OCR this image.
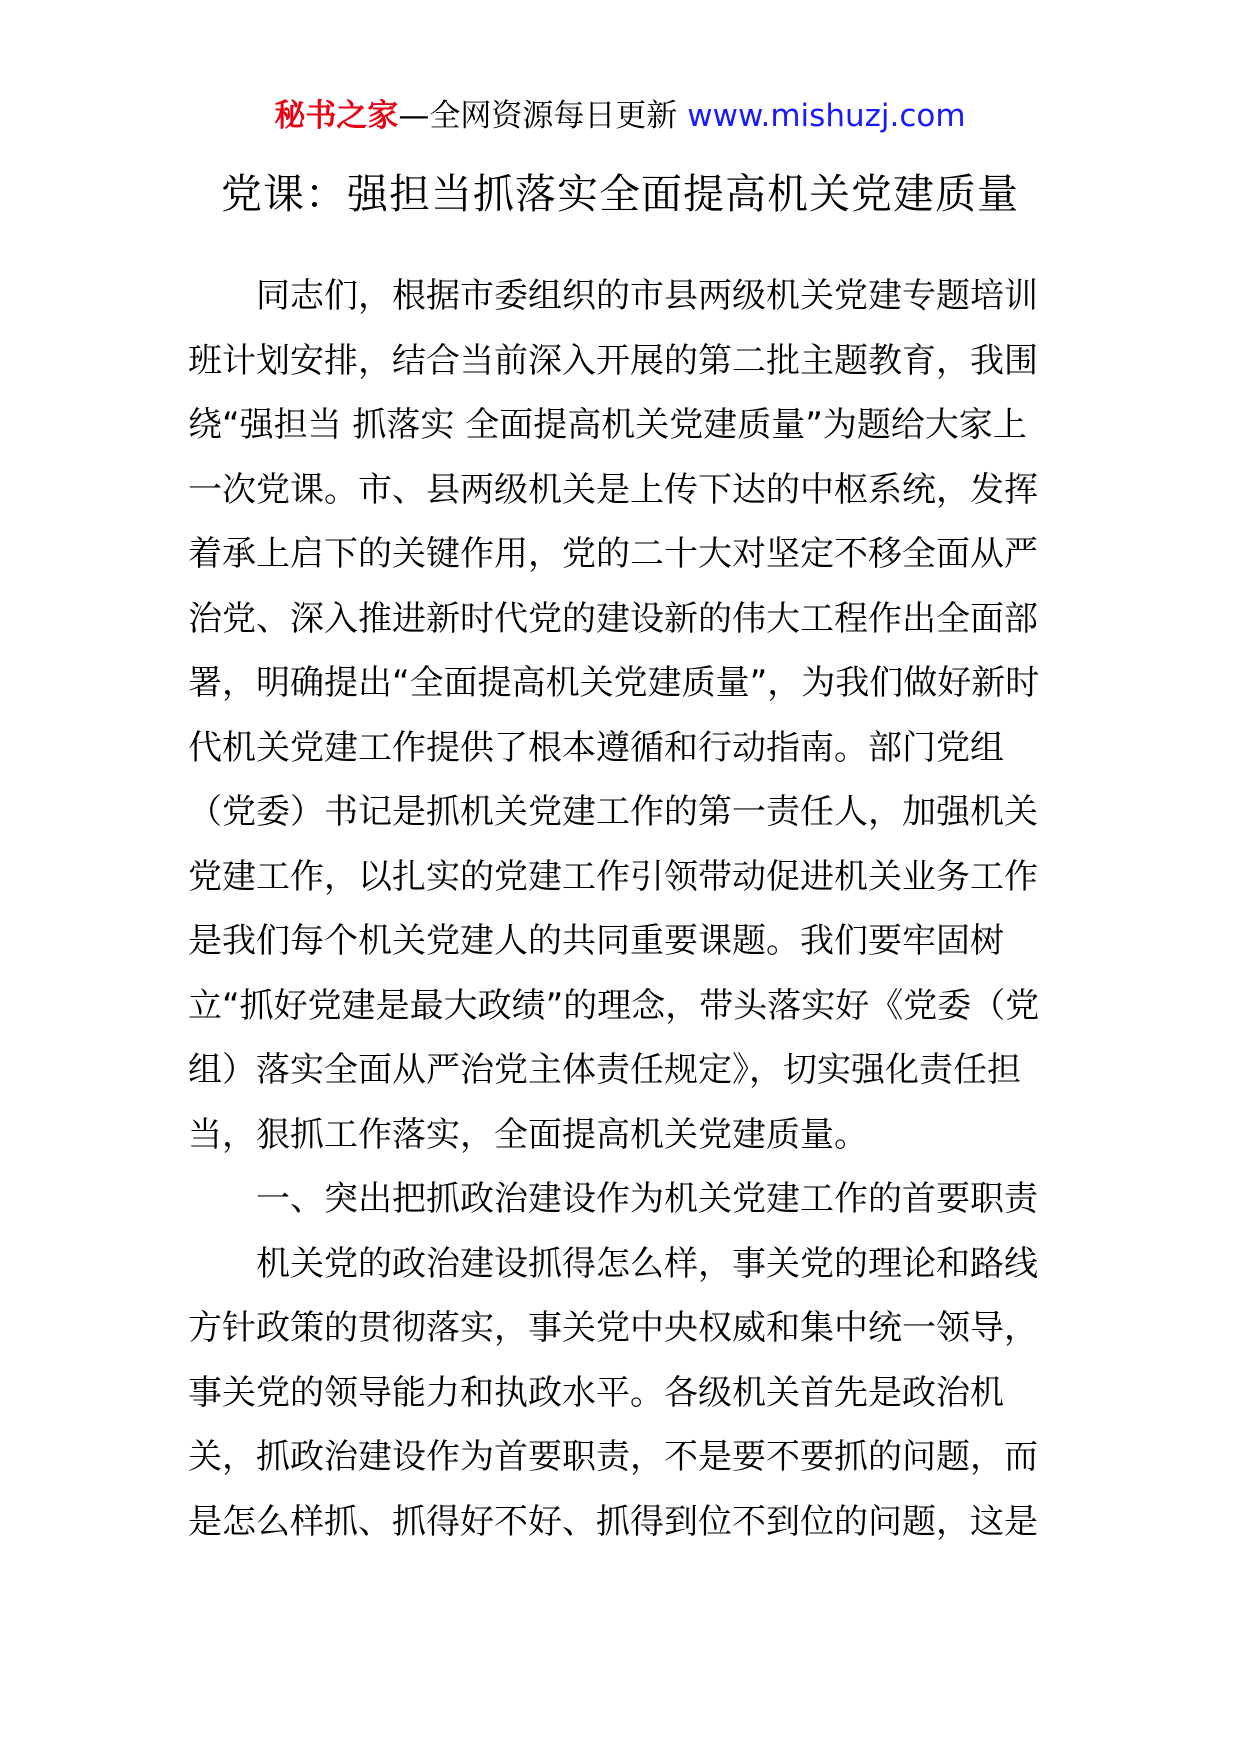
秘书之家—全网资源每日更新 www.mishuzj.com
党课：强担当抓落实全面提高机关党建质量

同志们，根据市委组织的市县两级机关党建专题培训班计划安排，结合当前深入开展的第二批主题教育，我围绕“强担当 抓落实 全面提高机关党建质量”为题给大家上一次党课。市、县两级机关是上传下达的中枢系统，发挥着承上启下的关键作用，党的二十大对坚定不移全面从严治党、深入推进新时代党的建设新的伟大工程作出全面部署，明确提出“全面提高机关党建质量”，为我们做好新时代机关党建工作提供了根本遵循和行动指南。部门党组（党委）书记是抓机关党建工作的第一责任人，加强机关党建工作，以扎实的党建工作引领带动促进机关业务工作是我们每个机关党建人的共同重要课题。我们要牢固树立“抓好党建是最大政绩”的理念，带头落实好《党委（党组）落实全面从严治党主体责任规定》，切实强化责任担当，狠抓工作落实，全面提高机关党建质量。

一、突出把抓政治建设作为机关党建工作的首要职责

机关党的政治建设抓得怎么样，事关党的理论和路线方针政策的贯彻落实，事关党中央权威和集中统一领导，事关党的领导能力和执政水平。各级机关首先是政治机关，抓政治建设作为首要职责，不是要不要抓的问题，而是怎么样抓、抓得好不好、抓得到位不到位的问题，这是
